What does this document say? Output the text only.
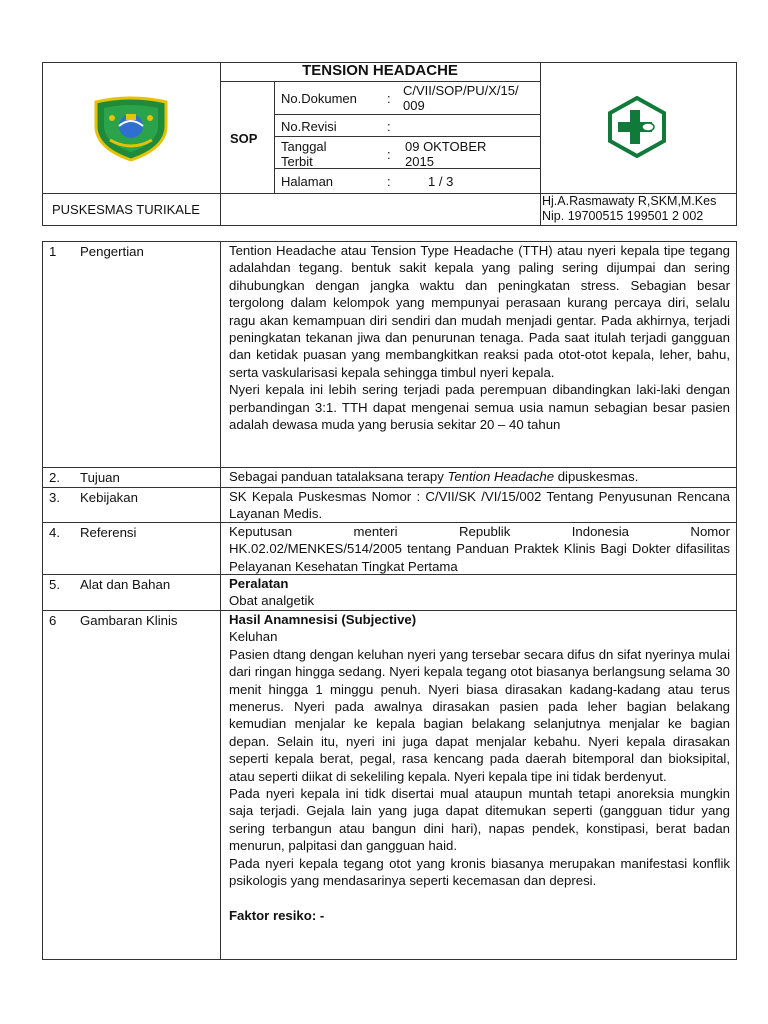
TENSION HEADACHE
SOP
No.Dokumen :
C/VII/SOP/PU/X/15/ 009
No.Revisi	:
Tanggal Terbit	:
09 OKTOBER 2015
Halaman	:	1 / 3
PUSKESMAS TURIKALE
Hj.A.Rasmawaty R,SKM,M.Kes
Nip. 19700515 199501 2 002
1 Pengertian	Tention Headache atau Tension Type Headache (TTH) atau nyeri kepala tipe tegang adalahdan tegang. bentuk sakit kepala yang paling sering dijumpai dan sering dihubungkan dengan jangka waktu dan peningkatan stress. Sebagian besar tergolong dalam kelompok yang mempunyai perasaan kurang percaya diri, selalu ragu akan kemampuan diri sendiri dan mudah menjadi gentar. Pada akhirnya, terjadi peningkatan tekanan jiwa dan penurunan tenaga. Pada saat itulah terjadi gangguan dan ketidak puasan yang membangkitkan reaksi pada otot-otot kepala, leher, bahu, serta vaskularisasi kepala sehingga timbul nyeri kepala.

Nyeri kepala ini lebih sering terjadi pada perempuan dibandingkan laki-laki dengan perbandingan 3:1. TTH dapat mengenai semua usia namun sebagian besar pasien adalah dewasa muda yang berusia sekitar 20 – 40 tahun

2. Tujuan	Sebagai panduan tatalaksana terapy Tention Headache dipuskesmas.

3. Kebijakan	SK Kepala Puskesmas Nomor : C/VII/SK /VI/15/002 Tentang Penyusunan Rencana Layanan Medis.

4. Referensi	Keputusan menteri Republik Indonesia Nomor

HK.02.02/MENKES/514/2005 tentang Panduan Praktek Klinis Bagi Dokter difasilitas Pelayanan Kesehatan Tingkat Pertama

5. Alat dan Bahan	Peralatan

Obat analgetik

6 Gambaran Klinis	Hasil Anamnesisi (Subjective)

Keluhan

Pasien dtang dengan keluhan nyeri yang tersebar secara difus dn sifat nyerinya mulai dari ringan hingga sedang. Nyeri kepala tegang otot biasanya berlangsung selama 30 menit hingga 1 minggu penuh. Nyeri biasa dirasakan kadang-kadang atau terus menerus. Nyeri pada awalnya dirasakan pasien pada leher bagian belakang kemudian menjalar ke kepala bagian belakang selanjutnya menjalar ke bagian depan. Selain itu, nyeri ini juga dapat menjalar kebahu. Nyeri kepala dirasakan seperti kepala berat, pegal, rasa kencang pada daerah bitemporal dan bioksipital, atau seperti diikat di sekeliling kepala. Nyeri kepala tipe ini tidak berdenyut.

Pada nyeri kepala ini tidk disertai mual ataupun muntah tetapi anoreksia mungkin saja terjadi. Gejala lain yang juga dapat ditemukan seperti (gangguan tidur yang sering terbangun atau bangun dini hari), napas pendek, konstipasi, berat badan menurun, palpitasi dan gangguan haid.

Pada nyeri kepala tegang otot yang kronis biasanya merupakan manifestasi konflik psikologis yang mendasarinya seperti kecemasan dan depresi.

Faktor resiko: -
